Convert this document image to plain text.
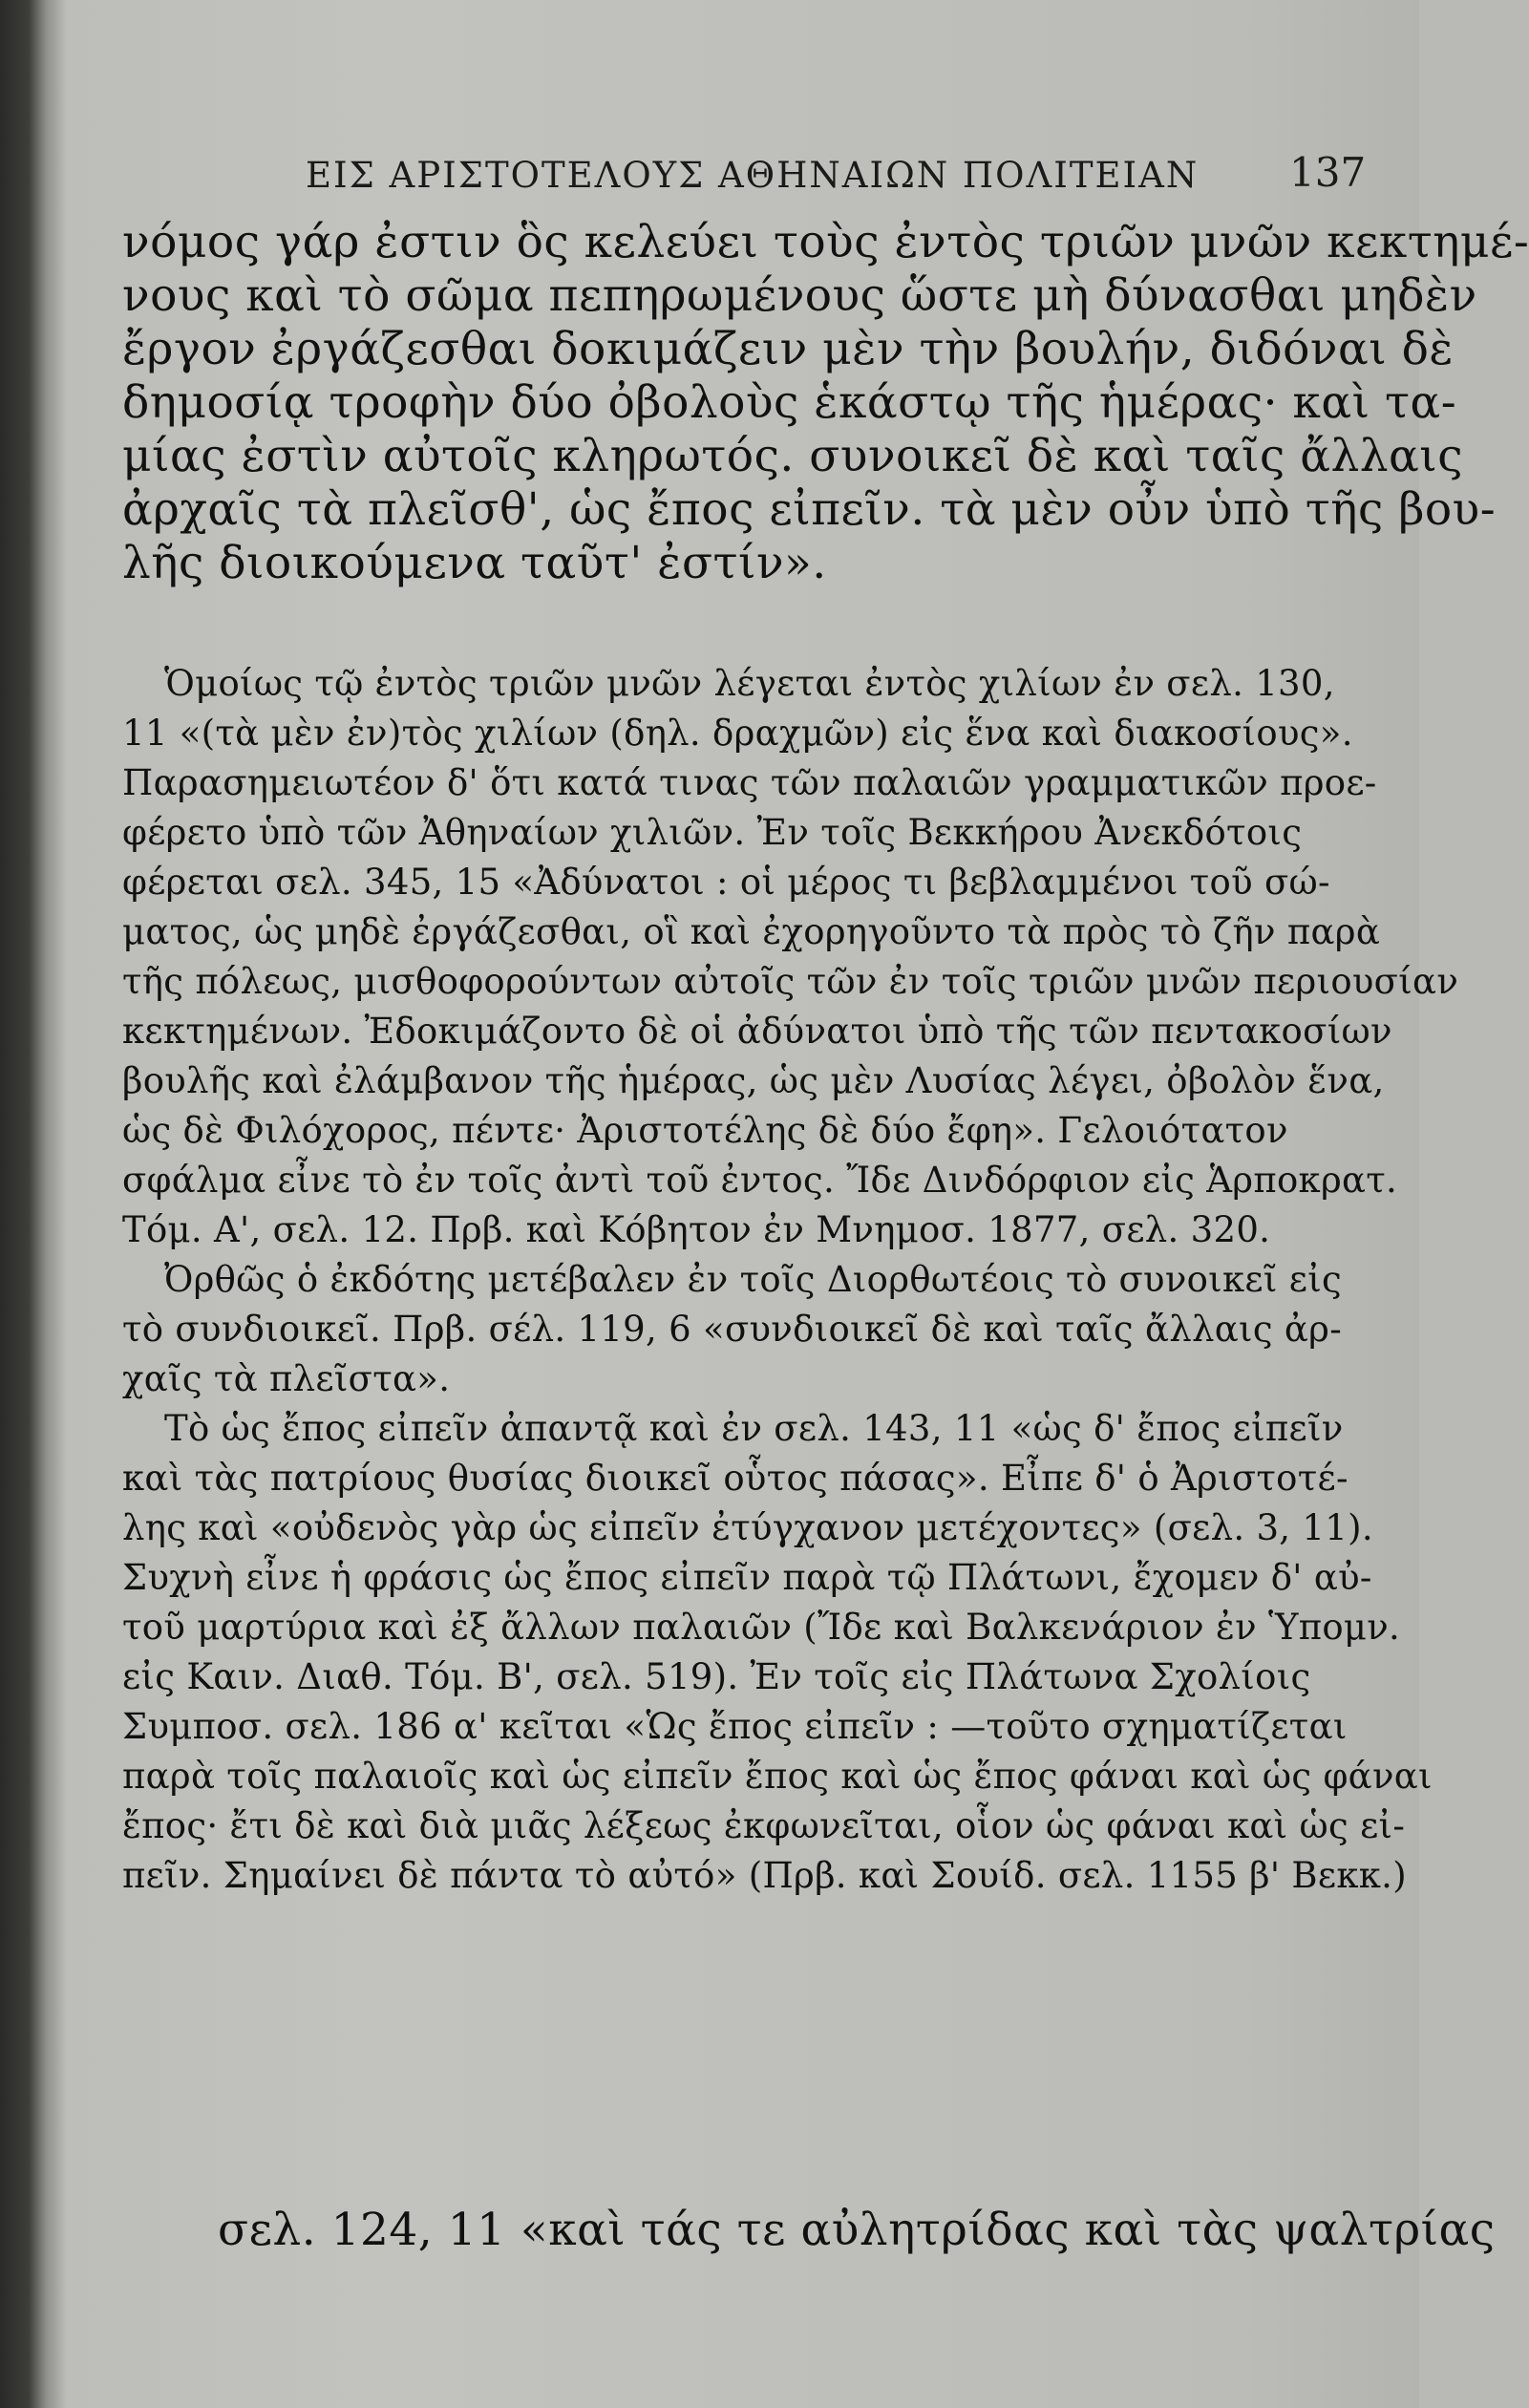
ΕΙΣ ΑΡΙΣΤΟΤΕΛΟΥΣ ΑΘΗΝΑΙΩΝ ΠΟΛΙΤΕΙΑΝ 137
νόμος γάρ ἐστιν ὃς κελεύει τοὺς ἐντὸς τριῶν μνῶν κεκτημέ-
νους καὶ τὸ σῶμα πεπηρωμένους ὥστε μὴ δύνασθαι μηδὲν
ἔργον ἐργάζεσθαι δοκιμάζειν μὲν τὴν βουλήν, διδόναι δὲ
δημοσίᾳ τροφὴν δύο ὀβολοὺς ἑκάστῳ τῆς ἡμέρας· καὶ τα-
μίας ἐστὶν αὐτοῖς κληρωτός. συνοικεῖ δὲ καὶ ταῖς ἄλλαις
ἀρχαῖς τὰ πλεῖσθ', ὡς ἔπος εἰπεῖν. τὰ μὲν οὖν ὑπὸ τῆς βου-
λῆς διοικούμενα ταῦτ' ἐστίν».
Ὁμοίως τῷ ἐντὸς τριῶν μνῶν λέγεται ἐντὸς χιλίων ἐν σελ. 130,
11 «(τὰ μὲν ἐν)τὸς χιλίων (δηλ. δραχμῶν) εἰς ἕνα καὶ διακοσίους».
Παρασημειωτέον δ' ὅτι κατά τινας τῶν παλαιῶν γραμματικῶν προε-
φέρετο ὑπὸ τῶν Ἀθηναίων χιλιῶν. Ἐν τοῖς Βεκκήρου Ἀνεκδότοις
φέρεται σελ. 345, 15 «Ἀδύνατοι : οἱ μέρος τι βεβλαμμένοι τοῦ σώ-
ματος, ὡς μηδὲ ἐργάζεσθαι, οἳ καὶ ἐχορηγοῦντο τὰ πρὸς τὸ ζῆν παρὰ
τῆς πόλεως, μισθοφορούντων αὐτοῖς τῶν ἐν τοῖς τριῶν μνῶν περιουσίαν
κεκτημένων. Ἐδοκιμάζοντο δὲ οἱ ἀδύνατοι ὑπὸ τῆς τῶν πεντακοσίων
βουλῆς καὶ ἐλάμβανον τῆς ἡμέρας, ὡς μὲν Λυσίας λέγει, ὀβολὸν ἕνα,
ὡς δὲ Φιλόχορος, πέντε· Ἀριστοτέλης δὲ δύο ἔφη». Γελοιότατον
σφάλμα εἶνε τὸ ἐν τοῖς ἀντὶ τοῦ ἐντος. Ἴδε Δινδόρφιον εἰς Ἁρποκρατ.
Τόμ. Α', σελ. 12. Πρβ. καὶ Κόβητον ἐν Μνημοσ. 1877, σελ. 320.
Ὀρθῶς ὁ ἐκδότης μετέβαλεν ἐν τοῖς Διορθωτέοις τὸ συνοικεῖ εἰς
τὸ συνδιοικεῖ. Πρβ. σέλ. 119, 6 «συνδιοικεῖ δὲ καὶ ταῖς ἄλλαις ἀρ-
χαῖς τὰ πλεῖστα».
Τὸ ὡς ἔπος εἰπεῖν ἀπαντᾷ καὶ ἐν σελ. 143, 11 «ὡς δ' ἔπος εἰπεῖν
καὶ τὰς πατρίους θυσίας διοικεῖ οὗτος πάσας». Εἶπε δ' ὁ Ἀριστοτέ-
λης καὶ «οὐδενὸς γὰρ ὡς εἰπεῖν ἐτύγχανον μετέχοντες» (σελ. 3, 11).
Συχνὴ εἶνε ἡ φράσις ὡς ἔπος εἰπεῖν παρὰ τῷ Πλάτωνι, ἔχομεν δ' αὐ-
τοῦ μαρτύρια καὶ ἐξ ἄλλων παλαιῶν (Ἴδε καὶ Βαλκενάριον ἐν Ὑπομν.
εἰς Καιν. Διαθ. Τόμ. Β', σελ. 519). Ἐν τοῖς εἰς Πλάτωνα Σχολίοις
Συμποσ. σελ. 186 α' κεῖται «Ὡς ἔπος εἰπεῖν : —τοῦτο σχηματίζεται
παρὰ τοῖς παλαιοῖς καὶ ὡς εἰπεῖν ἔπος καὶ ὡς ἔπος φάναι καὶ ὡς φάναι
ἔπος· ἔτι δὲ καὶ διὰ μιᾶς λέξεως ἐκφωνεῖται, οἷον ὡς φάναι καὶ ὡς εἰ-
πεῖν. Σημαίνει δὲ πάντα τὸ αὐτό» (Πρβ. καὶ Σουίδ. σελ. 1155 β' Βεκκ.)
σελ. 124, 11 «καὶ τάς τε αὐλητρίδας καὶ τὰς ψαλτρίας
